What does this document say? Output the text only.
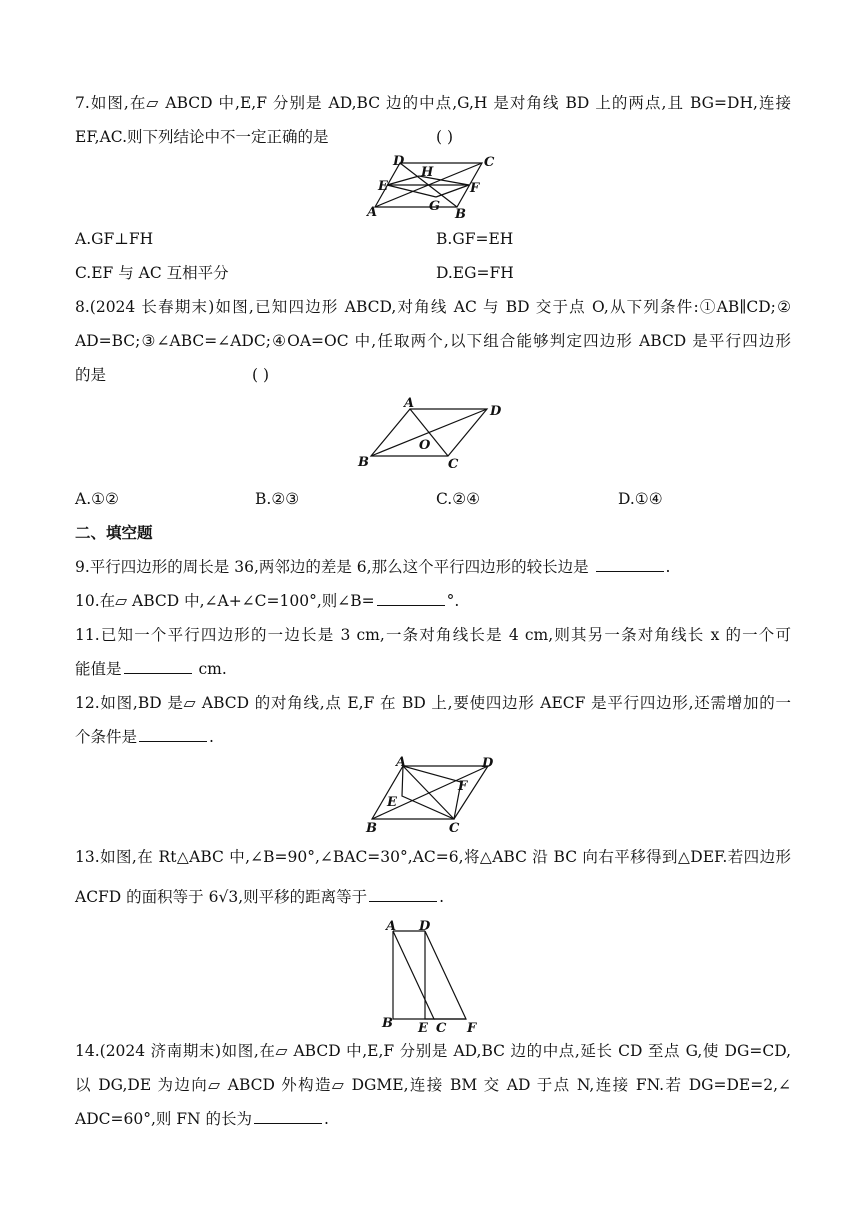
7.如图,在▱ ABCD 中,E,F 分别是 AD,BC 边的中点,G,H 是对角线 BD 上的两点,且 BG=DH,连接
EF,AC.则下列结论中不一定正确的是	( )
D
H
C
E	F
A	G
B
A.GF⊥FH	B.GF=EH
C.EF 与 AC 互相平分	D.EG=FH
8.(2024 长春期末)如图,已知四边形 ABCD,对角线 AC 与 BD 交于点 O,从下列条件:①AB∥CD;②
AD=BC;③∠ABC=∠ADC;④OA=OC 中,任取两个,以下组合能够判定四边形 ABCD 是平行四边形
的是	( )
A
D
O
B	C
A.①②	B.②③	C.②④	D.①④
二、填空题
9.平行四边形的周长是 36,两邻边的差是 6,那么这个平行四边形的较长边是	.
10.在▱ ABCD 中,∠A+∠C=100°,则∠B=	°.
11.已知一个平行四边形的一边长是 3 cm,一条对角线长是 4 cm,则其另一条对角线长 x 的一个可
能值是	cm.
12.如图,BD 是▱ ABCD 的对角线,点 E,F 在 BD 上,要使四边形 AECF 是平行四边形,还需增加的一
个条件是	.
A	D
F
E
B	C
13.如图,在 Rt△ABC 中,∠B=90°,∠BAC=30°,AC=6,将△ABC 沿 BC 向右平移得到△DEF.若四边形
ACFD 的面积等于 6√3,则平移的距离等于	.
A D
B E C F
14.(2024 济南期末)如图,在▱ ABCD 中,E,F 分别是 AD,BC 边的中点,延长 CD 至点 G,使 DG=CD,
以 DG,DE 为边向▱ ABCD 外构造▱ DGME,连接 BM 交 AD 于点 N,连接 FN.若 DG=DE=2,∠
ADC=60°,则 FN 的长为	.
